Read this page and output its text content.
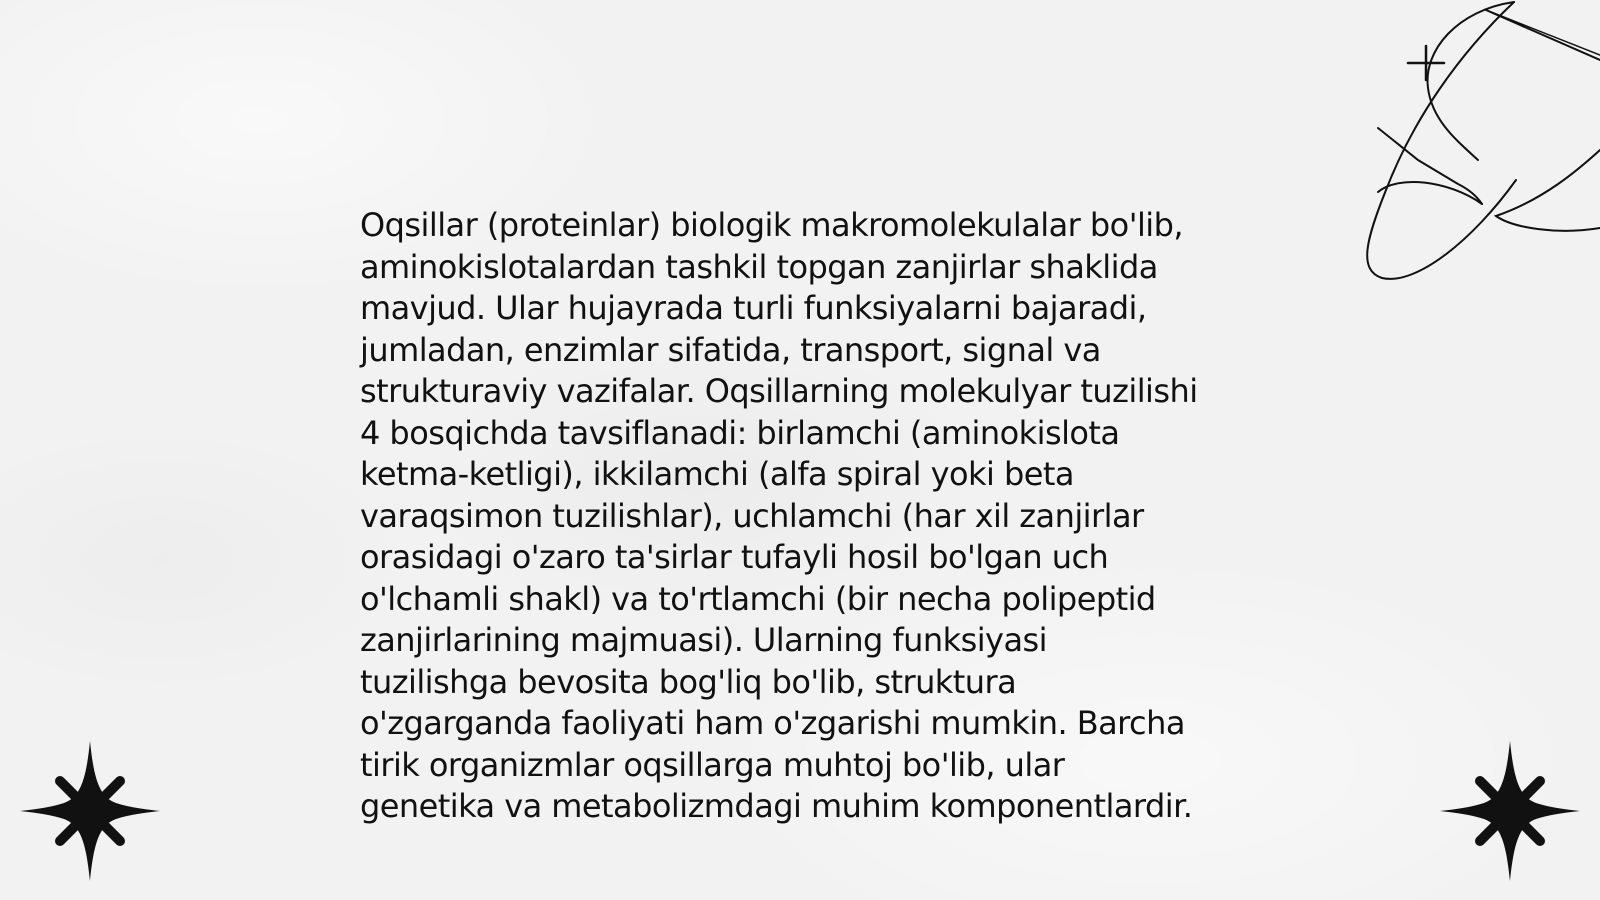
Oqsillar (proteinlar) biologik makromolekulalar bo'lib,
aminokislotalardan tashkil topgan zanjirlar shaklida
mavjud. Ular hujayrada turli funksiyalarni bajaradi,
jumladan, enzimlar sifatida, transport, signal va
strukturaviy vazifalar. Oqsillarning molekulyar tuzilishi
4 bosqichda tavsiflanadi: birlamchi (aminokislota
ketma-ketligi), ikkilamchi (alfa spiral yoki beta
varaqsimon tuzilishlar), uchlamchi (har xil zanjirlar
orasidagi o'zaro ta'sirlar tufayli hosil bo'lgan uch
o'lchamli shakl) va to'rtlamchi (bir necha polipeptid
zanjirlarining majmuasi). Ularning funksiyasi
tuzilishga bevosita bog'liq bo'lib, struktura
o'zgarganda faoliyati ham o'zgarishi mumkin. Barcha
tirik organizmlar oqsillarga muhtoj bo'lib, ular
genetika va metabolizmdagi muhim komponentlardir.
